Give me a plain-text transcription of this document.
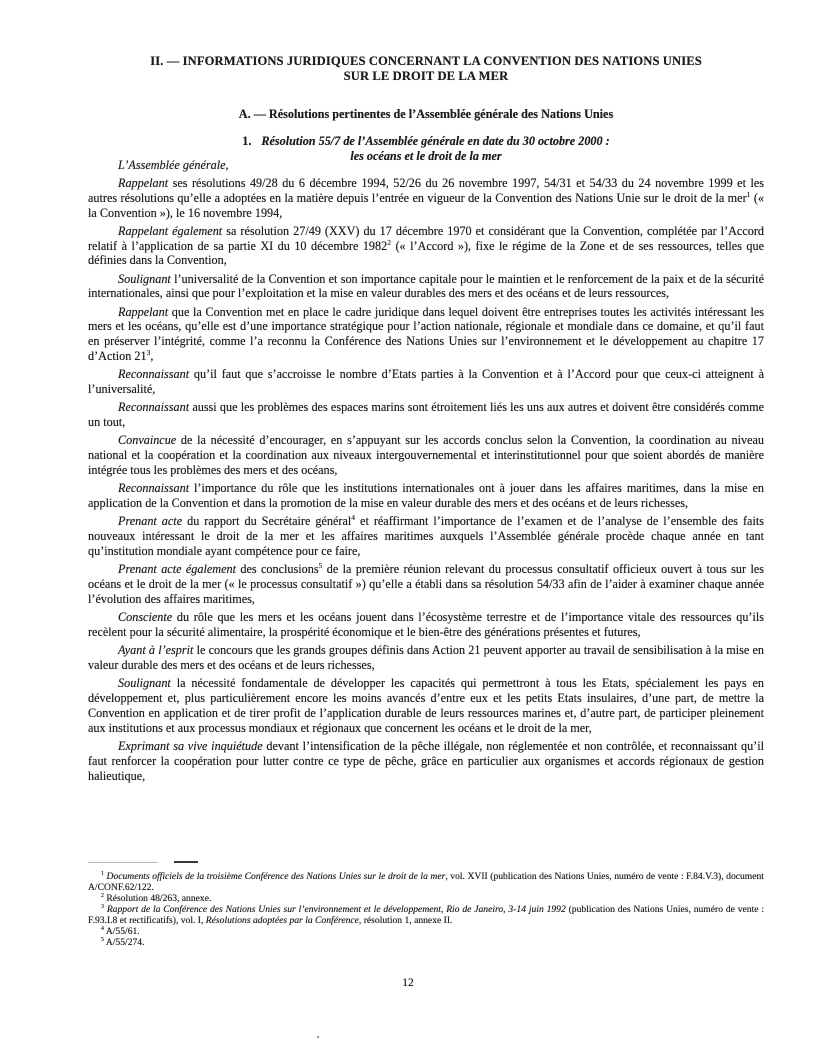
II. — INFORMATIONS JURIDIQUES CONCERNANT LA CONVENTION DES NATIONS UNIES
SUR LE DROIT DE LA MER
A. — Résolutions pertinentes de l’Assemblée générale des Nations Unies
1. Résolution 55/7 de l’Assemblée générale en date du 30 octobre 2000 :
les océans et le droit de la mer

L’Assemblée générale,

Rappelant ses résolutions 49/28 du 6 décembre 1994, 52/26 du 26 novembre 1997, 54/31 et 54/33 du 24 novembre 1999 et les autres résolutions qu’elle a adoptées en la matière depuis l’entrée en vigueur de la Convention des Nations Unie sur le droit de la mer$^1$ (« la Convention »), le 16 novembre 1994,

Rappelant également sa résolution 27/49 (XXV) du 17 décembre 1970 et considérant que la Convention, complétée par l’Accord relatif à l’application de sa partie XI du 10 décembre 1982$^2$ (« l’Accord »), fixe le régime de la Zone et de ses ressources, telles que définies dans la Convention,

Soulignant l’universalité de la Convention et son importance capitale pour le maintien et le renforcement de la paix et de la sécurité internationales, ainsi que pour l’exploitation et la mise en valeur durables des mers et des océans et de leurs ressources,

Rappelant que la Convention met en place le cadre juridique dans lequel doivent être entreprises toutes les activités intéressant les mers et les océans, qu’elle est d’une importance stratégique pour l’action nationale, régionale et mondiale dans ce domaine, et qu’il faut en préserver l’intégrité, comme l’a reconnu la Conférence des Nations Unies sur l’environnement et le développement au chapitre 17 d’Action $21^3$,

Reconnaissant qu’il faut que s’accroisse le nombre d’Etats parties à la Convention et à l’Accord pour que ceux-ci atteignent à l’universalité,

Reconnaissant aussi que les problèmes des espaces marins sont étroitement liés les uns aux autres et doivent être considérés comme un tout,

Convaincue de la nécessité d’encourager, en s’appuyant sur les accords conclus selon la Convention, la coordination au niveau national et la coopération et la coordination aux niveaux intergouvernemental et interinstitutionnel pour que soient abordés de manière intégrée tous les problèmes des mers et des océans,

Reconnaissant l’importance du rôle que les institutions internationales ont à jouer dans les affaires maritimes, dans la mise en application de la Convention et dans la promotion de la mise en valeur durable des mers et des océans et de leurs richesses,

Prenant acte du rapport du Secrétaire général$^4$ et réaffirmant l’importance de l’examen et de l’analyse de l’ensemble des faits nouveaux intéressant le droit de la mer et les affaires maritimes auxquels l’Assemblée générale procède chaque année en tant qu’institution mondiale ayant compétence pour ce faire,

Prenant acte également des conclusions$^5$ de la première réunion relevant du processus consultatif officieux ouvert à tous sur les océans et le droit de la mer (« le processus consultatif ») qu’elle a établi dans sa résolution 54/33 afin de l’aider à examiner chaque année l’évolution des affaires maritimes,

Consciente du rôle que les mers et les océans jouent dans l’écosystème terrestre et de l’importance vitale des ressources qu’ils recèlent pour la sécurité alimentaire, la prospérité économique et le bien-être des générations présentes et futures,

Ayant à l’esprit le concours que les grands groupes définis dans Action 21 peuvent apporter au travail de sensibilisation à la mise en valeur durable des mers et des océans et de leurs richesses,

Soulignant la nécessité fondamentale de développer les capacités qui permettront à tous les Etats, spécialement les pays en développement et, plus particulièrement encore les moins avancés d’entre eux et les petits Etats insulaires, d’une part, de mettre la Convention en application et de tirer profit de l’application durable de leurs ressources marines et, d’autre part, de participer pleinement aux institutions et aux processus mondiaux et régionaux que concernent les océans et le droit de la mer,

Exprimant sa vive inquiétude devant l’intensification de la pêche illégale, non réglementée et non contrôlée, et reconnaissant qu’il faut renforcer la coopération pour lutter contre ce type de pêche, grâce en particulier aux organismes et accords régionaux de gestion halieutique,

$^1$ Documents officiels de la troisième Conférence des Nations Unies sur le droit de la mer, vol. XVII (publication des Nations Unies, numéro de vente : F.84.V.3), document A/CONF.62/122.

$^2$ Résolution 48/263, annexe.

$^3$ Rapport de la Conférence des Nations Unies sur l’environnement et le développement, Rio de Janeiro, 3-14 juin 1992 (publication des Nations Unies, numéro de vente : F.93.I.8 et rectificatifs), vol. I, Résolutions adoptées par la Conférence, résolution 1, annexe II.

$^4$ A/55/61.

$^5$ A/55/274.

12
